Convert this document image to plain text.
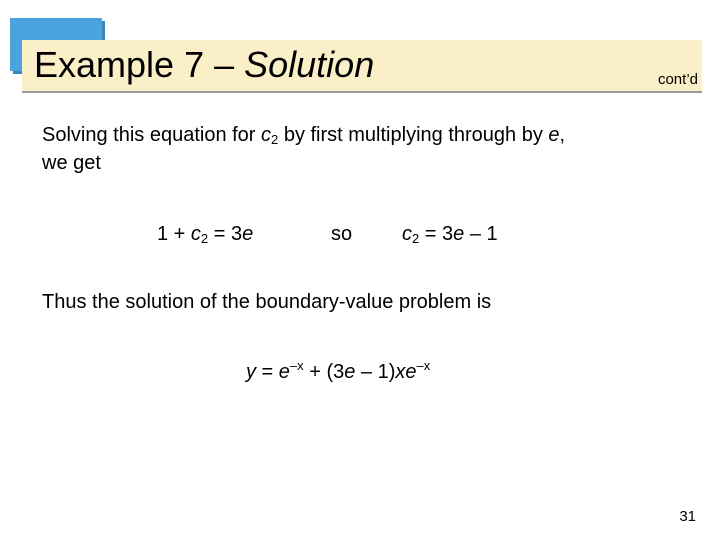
Example 7 – Solution	cont’d

Solving this equation for $c_2$ by first multiplying through by e,
we get

$1 + c_2 = 3e$	so $c_2 = 3e - 1$

Thus the solution of the boundary-value problem is

$y = e^{-x} + (3e - 1)xe^{-x}$

31
